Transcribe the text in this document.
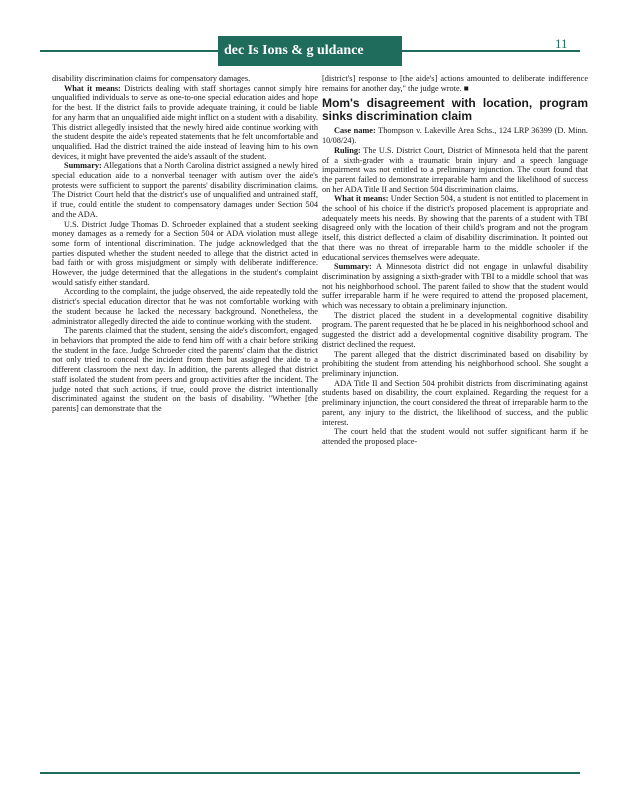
dec Is Ions & g uldance	11

disability discrimination claims for compensatory damages.

What it means: Districts dealing with staff shortages cannot simply hire unqualified individuals to serve as one-to-one special education aides and hope for the best. If the district fails to provide adequate training, it could be liable for any harm that an unqualified aide might inflict on a student with a disability. This district allegedly insisted that the newly hired aide continue working with the student despite the aide's repeated statements that he felt uncomfortable and unqualified. Had the district trained the aide instead of leaving him to his own devices, it might have prevented the aide's assault of the student.

Summary: Allegations that a North Carolina district assigned a newly hired special education aide to a nonverbal teenager with autism over the aide's protests were sufficient to support the parents' disability discrimination claims. The District Court held that the district's use of unqualified and untrained staff, if true, could entitle the student to compensatory damages under Section 504 and the ADA.

U.S. District Judge Thomas D. Schroeder explained that a student seeking money damages as a remedy for a Section 504 or ADA violation must allege some form of intentional discrimination. The judge acknowledged that the parties disputed whether the student needed to allege that the district acted in bad faith or with gross misjudgment or simply with deliberate indifference. However, the judge determined that the allegations in the student's complaint would satisfy either standard.

According to the complaint, the judge observed, the aide repeatedly told the district's special education director that he was not comfortable working with the student because he lacked the necessary background. Nonetheless, the administrator allegedly directed the aide to continue working with the student.

The parents claimed that the student, sensing the aide's discomfort, engaged in behaviors that prompted the aide to fend him off with a chair before striking the student in the face. Judge Schroeder cited the parents' claim that the district not only tried to conceal the incident from them but assigned the aide to a different classroom the next day. In addition, the parents alleged that district staff isolated the student from peers and group activities after the incident. The judge noted that such actions, if true, could prove the district intentionally discriminated against the student on the basis of disability. "Whether [the parents] can demonstrate that the

[district's] response to [the aide's] actions amounted to deliberate indifference remains for another day," the judge wrote. ■

Mom's disagreement with location, program sinks discrimination claim

Case name: Thompson v. Lakeville Area Schs., 124 LRP 36399 (D. Minn. 10/08/24).

Ruling: The U.S. District Court, District of Minnesota held that the parent of a sixth-grader with a traumatic brain injury and a speech language impairment was not entitled to a preliminary injunction. The court found that the parent failed to demonstrate irreparable harm and the likelihood of success on her ADA Title II and Section 504 discrimination claims.

What it means: Under Section 504, a student is not entitled to placement in the school of his choice if the district's proposed placement is appropriate and adequately meets his needs. By showing that the parents of a student with TBI disagreed only with the location of their child's program and not the program itself, this district deflected a claim of disability discrimination. It pointed out that there was no threat of irreparable harm to the middle schooler if the educational services themselves were adequate.

Summary: A Minnesota district did not engage in unlawful disability discrimination by assigning a sixth-grader with TBI to a middle school that was not his neighborhood school. The parent failed to show that the student would suffer irreparable harm if he were required to attend the proposed placement, which was necessary to obtain a preliminary injunction.

The district placed the student in a developmental cognitive disability program. The parent requested that he be placed in his neighborhood school and suggested the district add a developmental cognitive disability program. The district declined the request.

The parent alleged that the district discriminated based on disability by prohibiting the student from attending his neighborhood school. She sought a preliminary injunction.

ADA Title II and Section 504 prohibit districts from discriminating against students based on disability, the court explained. Regarding the request for a preliminary injunction, the court considered the threat of irreparable harm to the parent, any injury to the district, the likelihood of success, and the public interest.

The court held that the student would not suffer significant harm if he attended the proposed place-
